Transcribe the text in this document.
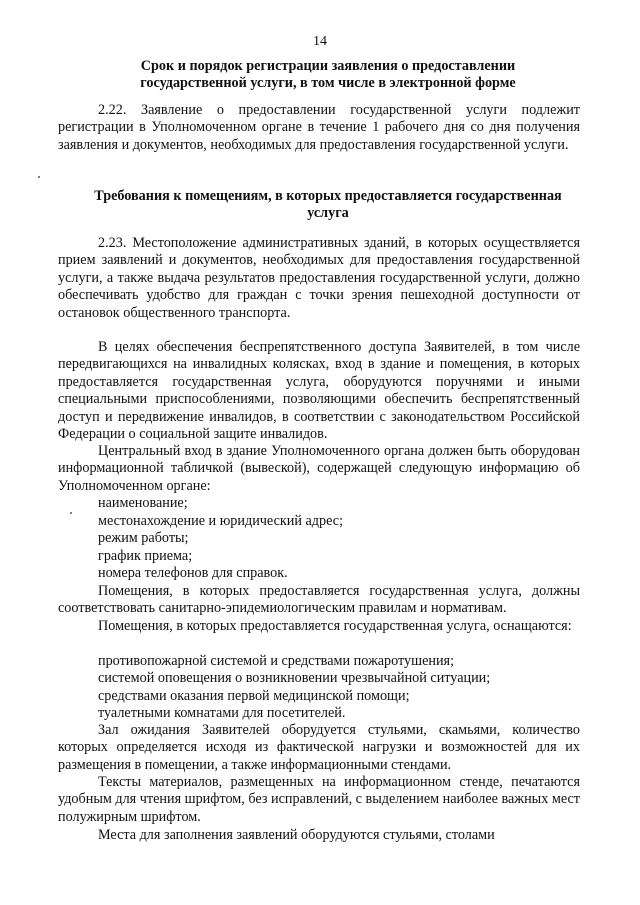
14
Срок и порядок регистрации заявления о предоставлении государственной услуги, в том числе в электронной форме

2.22. Заявление о предоставлении государственной услуги подлежит регистрации в Уполномоченном органе в течение 1 рабочего дня со дня получения заявления и документов, необходимых для предоставления государственной услуги.

Требования к помещениям, в которых предоставляется государственная услуга

2.23. Местоположение административных зданий, в которых осуществляется прием заявлений и документов, необходимых для предоставления государственной услуги, а также выдача результатов предоставления государственной услуги, должно обеспечивать удобство для граждан с точки зрения пешеходной доступности от остановок общественного транспорта.

В целях обеспечения беспрепятственного доступа Заявителей, в том числе передвигающихся на инвалидных колясках, вход в здание и помещения, в которых предоставляется государственная услуга, оборудуются поручнями и иными специальными приспособлениями, позволяющими обеспечить беспрепятственный доступ и передвижение инвалидов, в соответствии с законодательством Российской Федерации о социальной защите инвалидов.

Центральный вход в здание Уполномоченного органа должен быть оборудован информационной табличкой (вывеской), содержащей следующую информацию об Уполномоченном органе:

наименование;
местонахождение и юридический адрес;
режим работы;
график приема;
номера телефонов для справок.

Помещения, в которых предоставляется государственная услуга, должны соответствовать санитарно-эпидемиологическим правилам и нормативам.

Помещения, в которых предоставляется государственная услуга, оснащаются:

противопожарной системой и средствами пожаротушения;
системой оповещения о возникновении чрезвычайной ситуации;
средствами оказания первой медицинской помощи;
туалетными комнатами для посетителей.

Зал ожидания Заявителей оборудуется стульями, скамьями, количество которых определяется исходя из фактической нагрузки и возможностей для их размещения в помещении, а также информационными стендами.

Тексты материалов, размещенных на информационном стенде, печатаются удобным для чтения шрифтом, без исправлений, с выделением наиболее важных мест полужирным шрифтом.

Места для заполнения заявлений оборудуются стульями, столами
